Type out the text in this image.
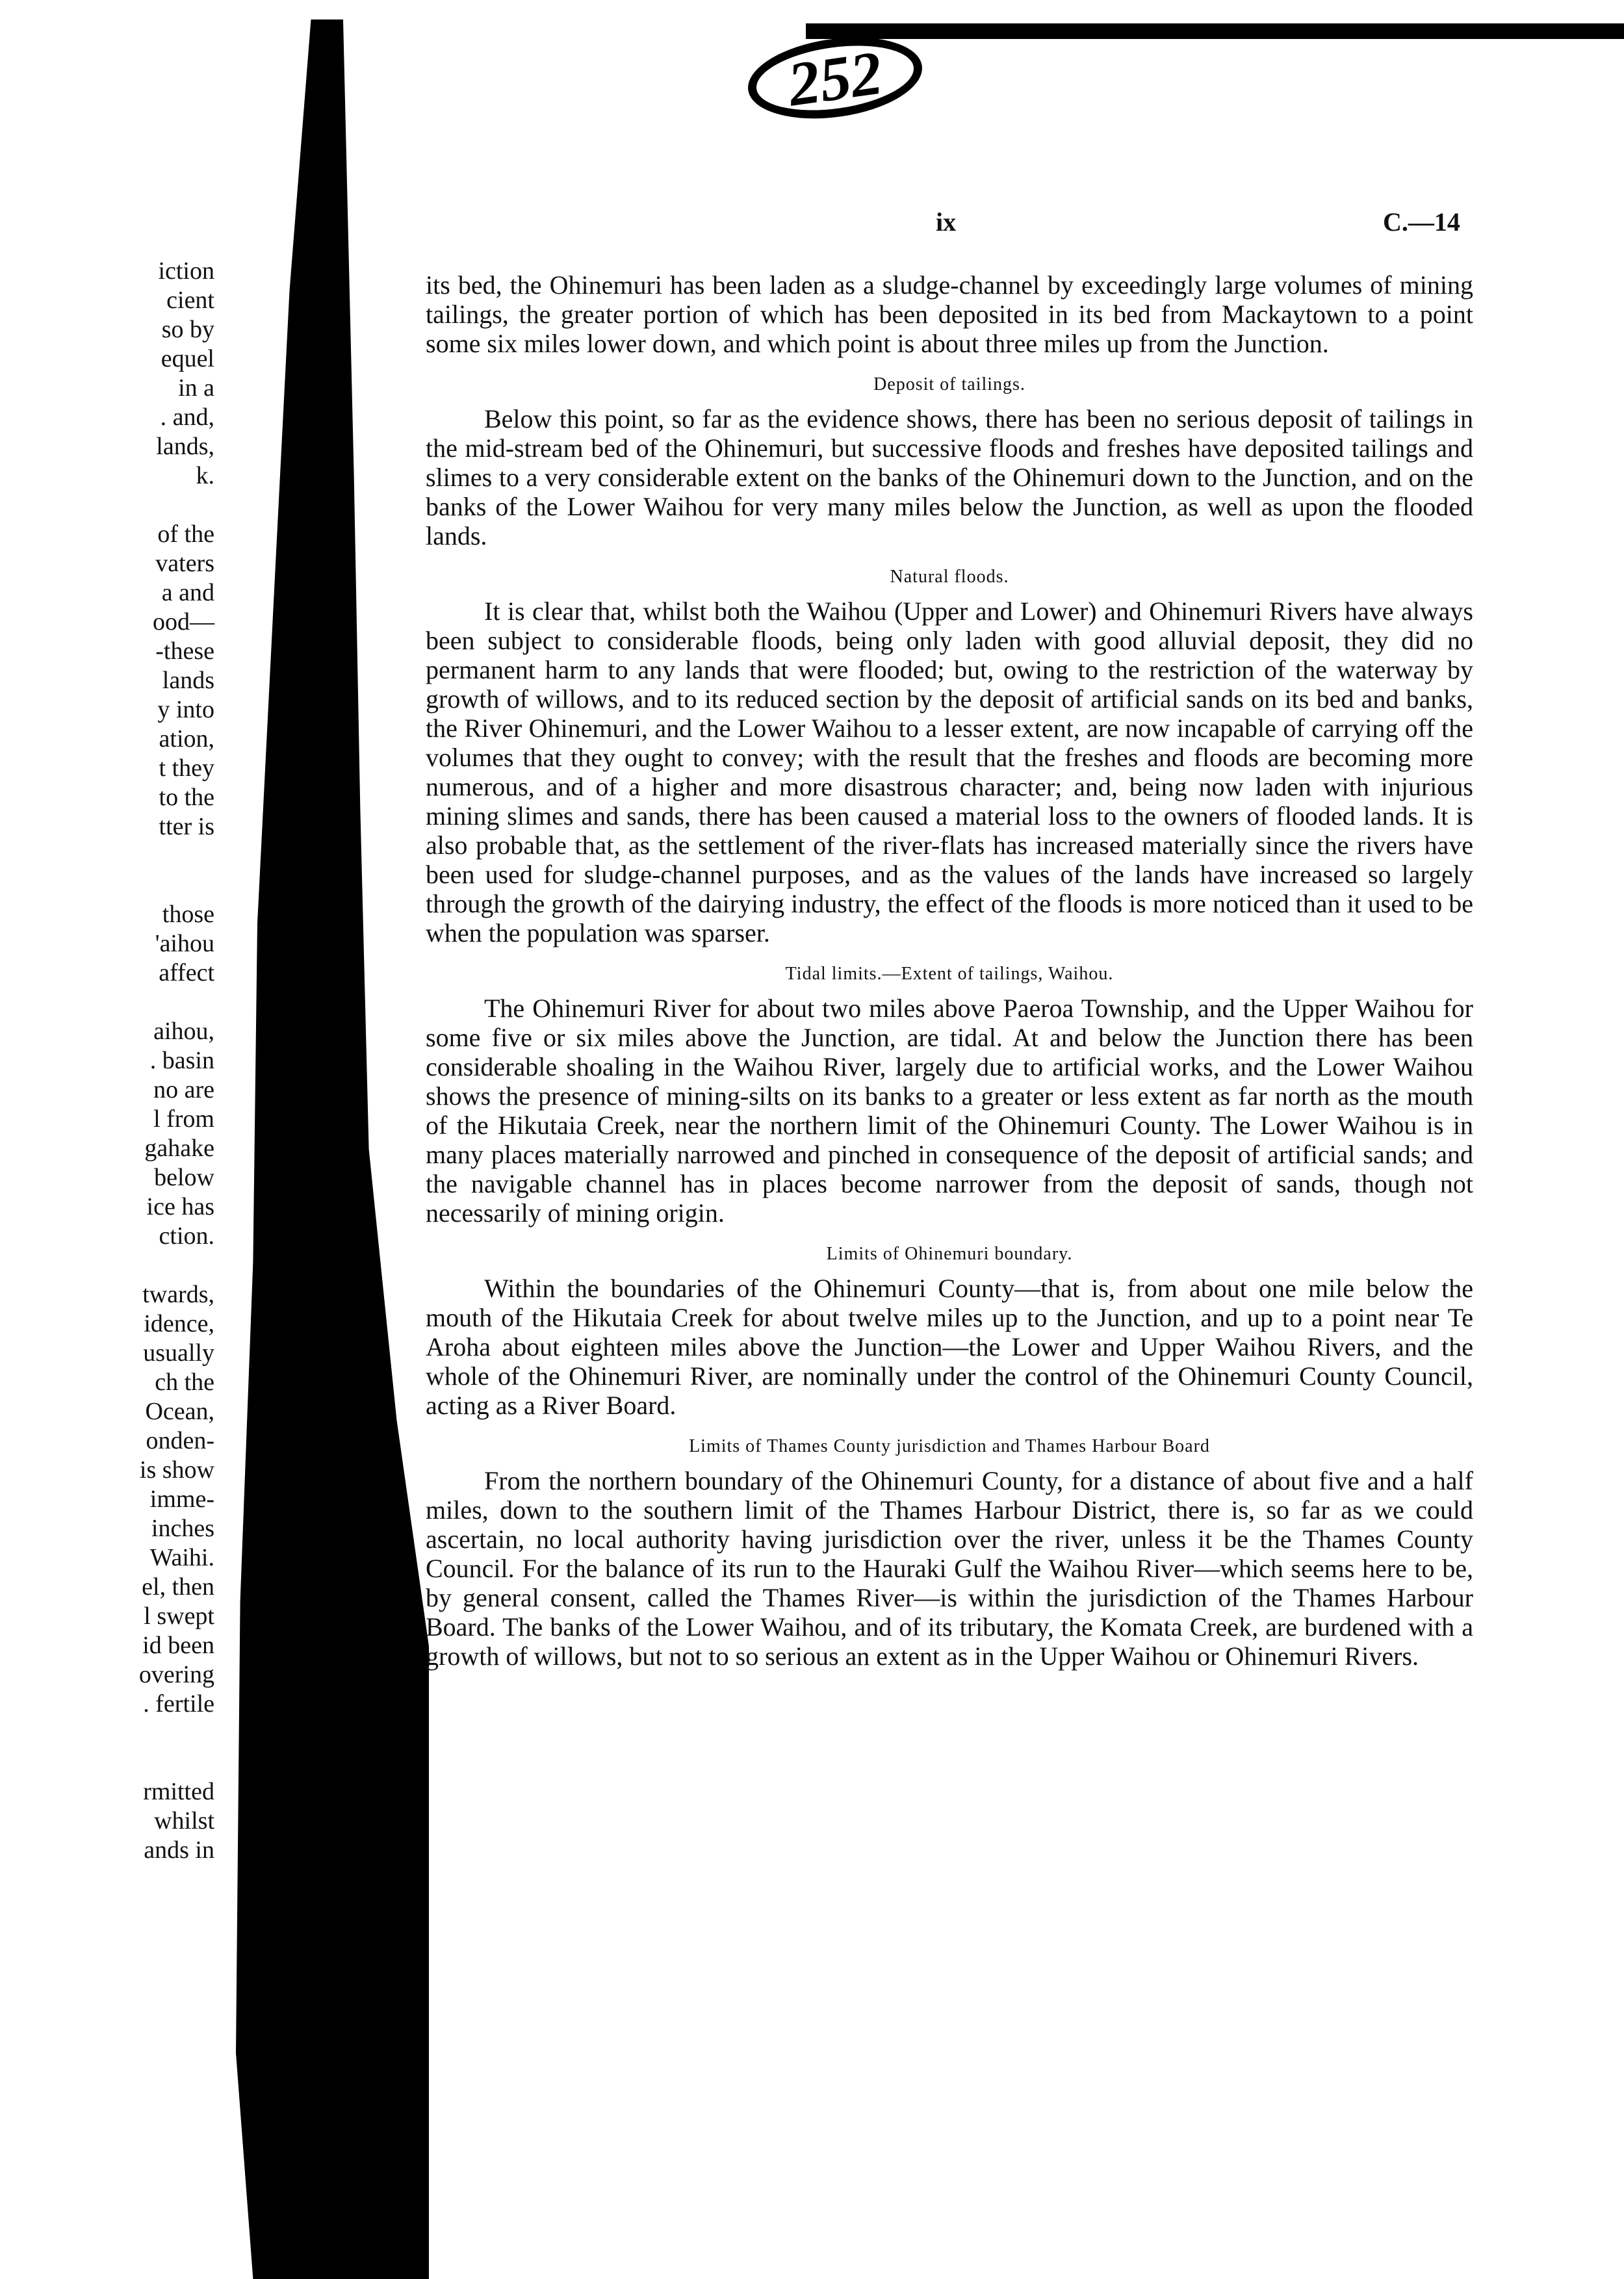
252
ix	C.—14
iction
cient
so by
equel
in a
. and,
lands,
k.
of the
vaters
a and
ood—
-these
lands
y into
ation,
t they
to the
tter is
those
'aihou
affect
aihou,
. basin
no are
l from
gahake
below
ice has
ction.
twards,
idence,
usually
ch the
Ocean,
onden-
is show
imme-
inches
Waihi.
el, then
l swept
id been
overing
. fertile
rmitted
whilst
ands in

its bed, the Ohinemuri has been laden as a sludge-channel by exceedingly large volumes of mining tailings, the greater portion of which has been deposited in its bed from Mackaytown to a point some six miles lower down, and which point is about three miles up from the Junction.

Deposit of tailings.

Below this point, so far as the evidence shows, there has been no serious deposit of tailings in the mid-stream bed of the Ohinemuri, but successive floods and freshes have deposited tailings and slimes to a very considerable extent on the banks of the Ohinemuri down to the Junction, and on the banks of the Lower Waihou for very many miles below the Junction, as well as upon the flooded lands.

Natural floods.

It is clear that, whilst both the Waihou (Upper and Lower) and Ohinemuri Rivers have always been subject to considerable floods, being only laden with good alluvial deposit, they did no permanent harm to any lands that were flooded; but, owing to the restriction of the waterway by growth of willows, and to its reduced section by the deposit of artificial sands on its bed and banks, the River Ohinemuri, and the Lower Waihou to a lesser extent, are now incapable of carrying off the volumes that they ought to convey; with the result that the freshes and floods are becoming more numerous, and of a higher and more disastrous character; and, being now laden with injurious mining slimes and sands, there has been caused a material loss to the owners of flooded lands. It is also probable that, as the settlement of the river-flats has increased materially since the rivers have been used for sludge-channel purposes, and as the values of the lands have increased so largely through the growth of the dairying industry, the effect of the floods is more noticed than it used to be when the population was sparser.

Tidal limits.—Extent of tailings, Waihou.

The Ohinemuri River for about two miles above Paeroa Township, and the Upper Waihou for some five or six miles above the Junction, are tidal. At and below the Junction there has been considerable shoaling in the Waihou River, largely due to artificial works, and the Lower Waihou shows the presence of mining-silts on its banks to a greater or less extent as far north as the mouth of the Hikutaia Creek, near the northern limit of the Ohinemuri County. The Lower Waihou is in many places materially narrowed and pinched in consequence of the deposit of artificial sands; and the navigable channel has in places become narrower from the deposit of sands, though not necessarily of mining origin.

Limits of Ohinemuri boundary.

Within the boundaries of the Ohinemuri County—that is, from about one mile below the mouth of the Hikutaia Creek for about twelve miles up to the Junction, and up to a point near Te Aroha about eighteen miles above the Junction—the Lower and Upper Waihou Rivers, and the whole of the Ohinemuri River, are nominally under the control of the Ohinemuri County Council, acting as a River Board.

Limits of Thames County jurisdiction and Thames Harbour Board

From the northern boundary of the Ohinemuri County, for a distance of about five and a half miles, down to the southern limit of the Thames Harbour District, there is, so far as we could ascertain, no local authority having jurisdiction over the river, unless it be the Thames County Council. For the balance of its run to the Hauraki Gulf the Waihou River—which seems here to be, by general consent, called the Thames River—is within the jurisdiction of the Thames Harbour Board. The banks of the Lower Waihou, and of its tributary, the Komata Creek, are burdened with a growth of willows, but not to so serious an extent as in the Upper Waihou or Ohinemuri Rivers.
